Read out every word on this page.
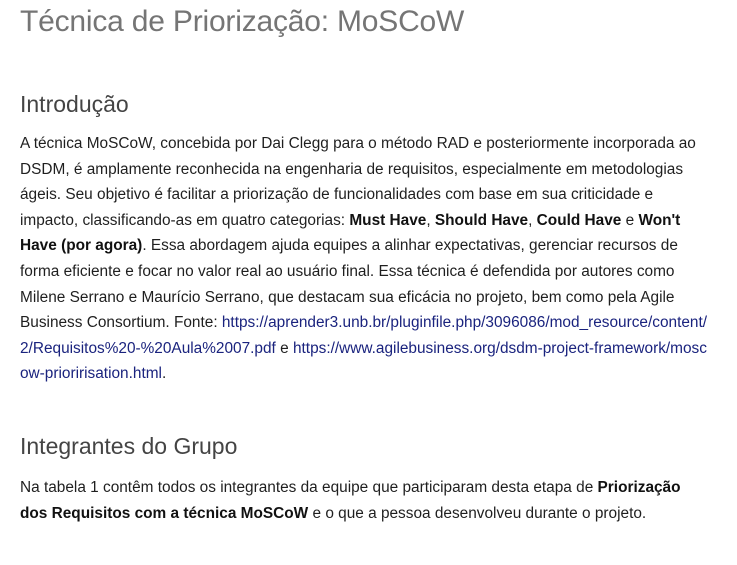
Técnica de Priorização: MoSCoW
Introdução

A técnica MoSCoW, concebida por Dai Clegg para o método RAD e posteriormente incorporada ao DSDM, é amplamente reconhecida na engenharia de requisitos, especialmente em metodologias ágeis. Seu objetivo é facilitar a priorização de funcionalidades com base em sua criticidade e impacto, classificando-as em quatro categorias: Must Have, Should Have, Could Have e Won't Have (por agora). Essa abordagem ajuda equipes a alinhar expectativas, gerenciar recursos de forma eficiente e focar no valor real ao usuário final. Essa técnica é defendida por autores como Milene Serrano e Maurício Serrano, que destacam sua eficácia no projeto, bem como pela Agile Business Consortium. Fonte: https://aprender3.unb.br/pluginfile.php/3096086/mod_resource/content/2/Requisitos%20-%20Aula%2007.pdf e https://www.agilebusiness.org/dsdm-project-framework/moscow-prioririsation.html.

Integrantes do Grupo

Na tabela 1 contêm todos os integrantes da equipe que participaram desta etapa de Priorização dos Requisitos com a técnica MoSCoW e o que a pessoa desenvolveu durante o projeto.
